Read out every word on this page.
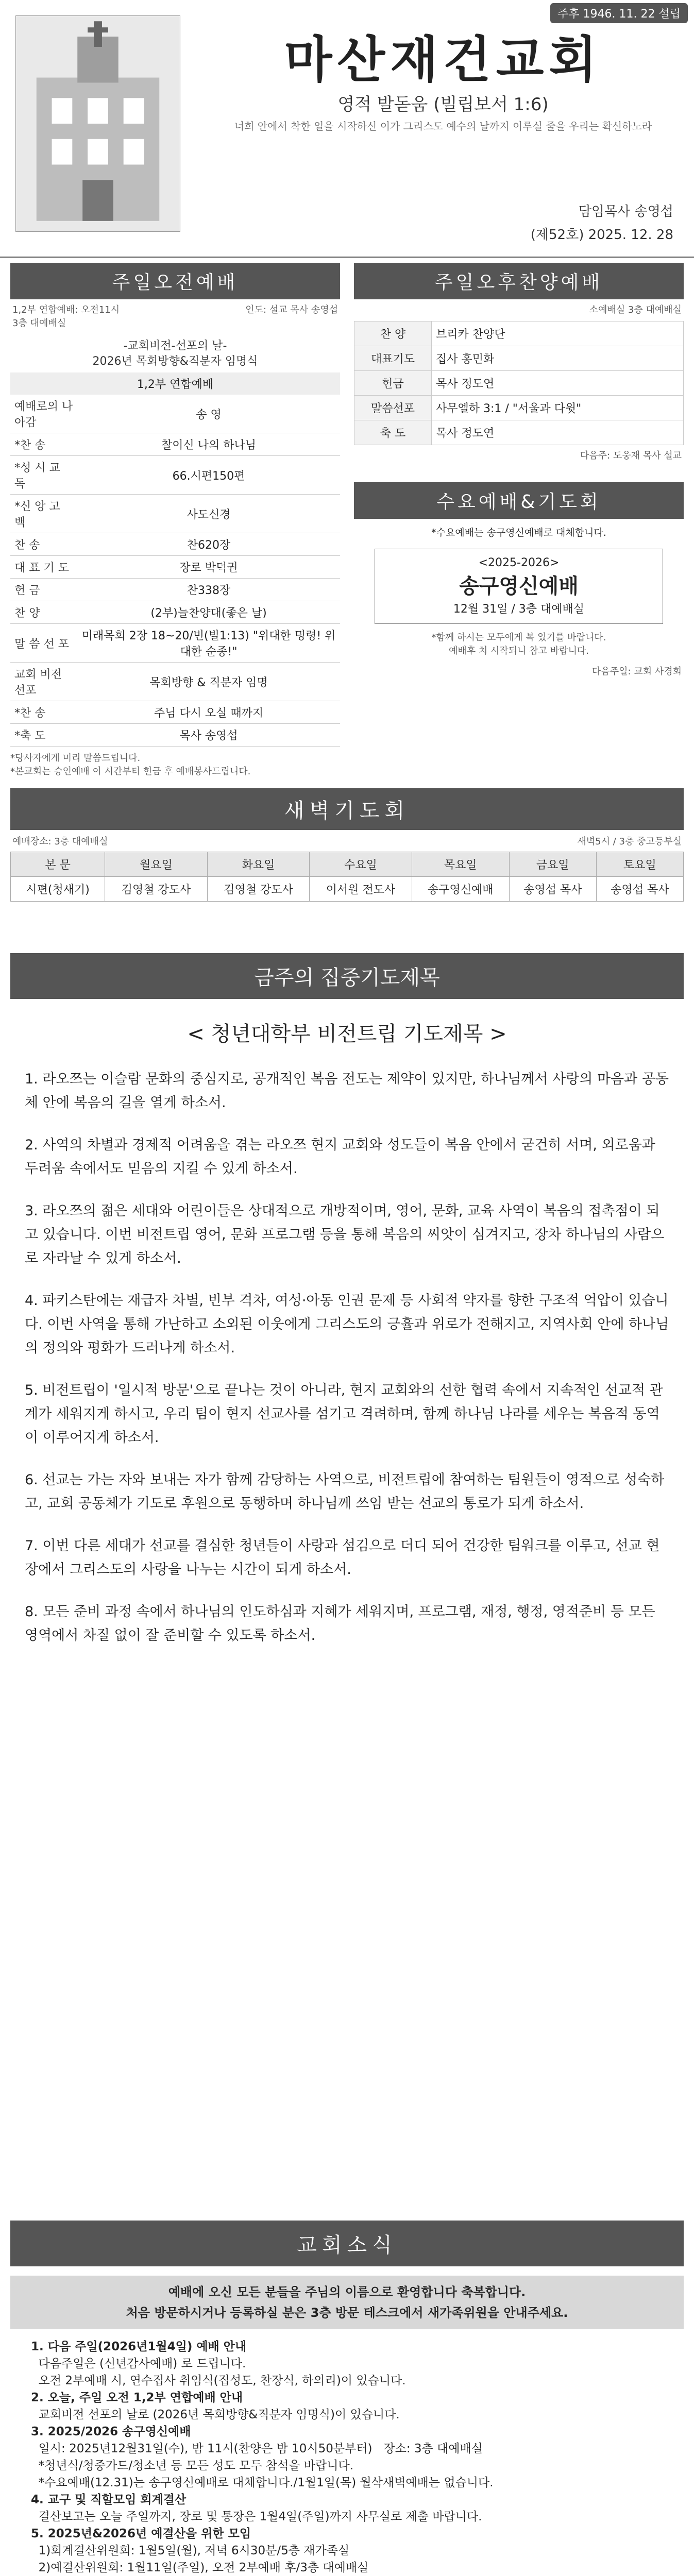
주후 1946. 11. 22 설립
마산재건교회
영적 발돋움 (빌립보서 1:6)
너희 안에서 착한 일을 시작하신 이가 그리스도 예수의 날까지 이루실 줄을 우리는 확신하노라
담임목사 송영섭
(제52호) 2025. 12. 28
주일오전예배
1,2부 연합예배: 오전11시
3층 대예배실
인도: 설교 목사 송영섭
-교회비전-선포의 날-
2026년 목회방향&직분자 임명식
1,2부 연합예배
예배로의 나아감	송 영
*찬 송	찰이신 나의 하나님
*성 시 교 독	66.시편150편
*신 앙 고 백	사도신경
찬 송	찬620장
대 표 기 도	장로 박덕권
헌 금	찬338장
찬 양	(2부)늘찬양대(좋은 날)
말 씀 선 포	미래목회 2장 18~20/빈(빌1:13) "위대한 명령! 위대한 순종!"
교회 비전 선포	목회방향 & 직분자 임명
*찬 송	주님 다시 오실 때까지
*축 도	목사 송영섭
*당사자에게 미리 말씀드립니다.
*본교회는 승인예배 이 시간부터 헌금 후 예배봉사드립니다.
주일오후찬양예배
소예배실 3층 대예배실
찬 양	브리카 찬양단
대표기도	집사 홍민화
헌금	목사 정도연
말씀선포	사무엘하 3:1 / "서울과 다윗"
축 도	목사 정도연
다음주: 도웅재 목사 설교
수요예배&기도회
*수요예배는 송구영신예배로 대체합니다.
<2025-2026>
송구영신예배
12월 31일 / 3층 대예배실
*함께 하시는 모두에게 복 있기를 바랍니다.
예배후 치 시작되니 참고 바랍니다.
다음주일: 교회 사경회
새벽기도회
예배장소: 3층 대예배실	새벽5시 / 3층 중고등부실
본 문	월요일	화요일	수요일	목요일	금요일	토요일
시편(청새기)	김영철 강도사	김영철 강도사	이서원 전도사	송구영신예배	송영섭 목사	송영섭 목사
금주의 집중기도제목
< 청년대학부 비전트립 기도제목 >
1. 라오쯔는 이슬람 문화의 중심지로, 공개적인 복음 전도는 제약이 있지만, 하나님께서 사랑의 마음과 공동체 안에 복음의 길을 열게 하소서.
2. 사역의 차별과 경제적 어려움을 겪는 라오쯔 현지 교회와 성도들이 복음 안에서 굳건히 서며, 외로움과 두려움 속에서도 믿음의 지킬 수 있게 하소서.
3. 라오쯔의 젊은 세대와 어린이들은 상대적으로 개방적이며, 영어, 문화, 교육 사역이 복음의 접촉점이 되고 있습니다. 이번 비전트립 영어, 문화 프로그램 등을 통해 복음의 씨앗이 심겨지고, 장차 하나님의 사람으로 자라날 수 있게 하소서.
4. 파키스탄에는 재급자 차별, 빈부 격차, 여성·아동 인권 문제 등 사회적 약자를 향한 구조적 억압이 있습니다. 이번 사역을 통해 가난하고 소외된 이웃에게 그리스도의 긍휼과 위로가 전해지고, 지역사회 안에 하나님의 정의와 평화가 드러나게 하소서.
5. 비전트립이 '일시적 방문'으로 끝나는 것이 아니라, 현지 교회와의 선한 협력 속에서 지속적인 선교적 관계가 세워지게 하시고, 우리 팀이 현지 선교사를 섬기고 격려하며, 함께 하나님 나라를 세우는 복음적 동역이 이루어지게 하소서.
6. 선교는 가는 자와 보내는 자가 함께 감당하는 사역으로, 비전트립에 참여하는 팀원들이 영적으로 성숙하고, 교회 공동체가 기도로 후원으로 동행하며 하나님께 쓰임 받는 선교의 통로가 되게 하소서.
7. 이번 다른 세대가 선교를 결심한 청년들이 사랑과 섬김으로 더디 되어 건강한 팀워크를 이루고, 선교 현장에서 그리스도의 사랑을 나누는 시간이 되게 하소서.
8. 모든 준비 과정 속에서 하나님의 인도하심과 지혜가 세워지며, 프로그램, 재정, 행정, 영적준비 등 모든 영역에서 차질 없이 잘 준비할 수 있도록 하소서.
교회소식
예배에 오신 모든 분들을 주님의 이름으로 환영합니다 축복합니다.
처음 방문하시거나 등록하실 분은 3층 방문 테스크에서 새가족위원을 안내주세요.

1. 다음 주일(2026년1월4일) 예배 안내

다음주일은 (신년감사예배) 로 드립니다.

오전 2부예배 시, 연수집사 취임식(집성도, 찬장식, 하의리)이 있습니다.

2. 오늘, 주일 오전 1,2부 연합예배 안내

교회비전 선포의 날로 (2026년 목회방향&직분자 임명식)이 있습니다.

3. 2025/2026 송구영신예배

일시: 2025년12월31일(수), 밤 11시(찬양은 밤 10시50분부터)   장소: 3층 대예배실

*청년식/청중가드/청소년 등 모든 성도 모두 참석을 바랍니다.

*수요예배(12.31)는 송구영신예배로 대체합니다./1월1일(목) 월삭새벽예배는 없습니다.

4. 교구 및 직할모임 회계결산

결산보고는 오늘 주일까지, 장로 및 통장은 1월4일(주일)까지 사무실로 제출 바랍니다.

5. 2025년&2026년 예결산을 위한 모임

1)회계결산위원회: 1월5일(월), 저녁 6시30분/5층 재가족실

2)예결산위원회: 1월11일(주일), 오전 2부예배 후/3층 대예배실
